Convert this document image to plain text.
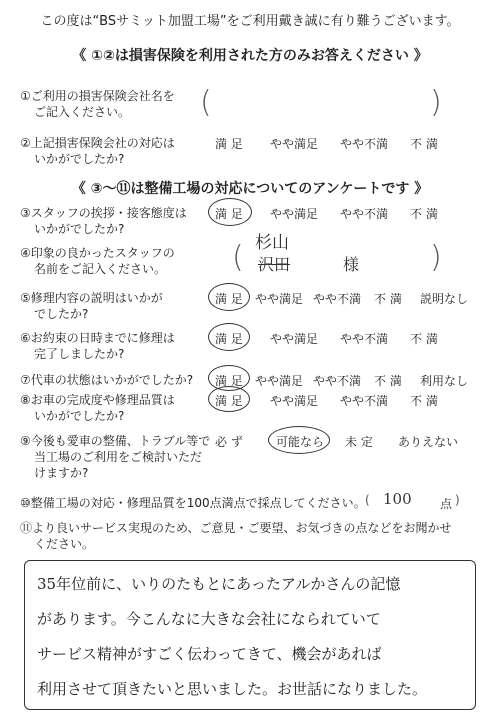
この度は“BSサミット加盟工場”をご利用戴き誠に有り難うございます。
《 ①②は損害保険を利用された方のみお答えください 》
①ご利用の損害保険会社名を
ご記入ください。	(	)
②上記損害保険会社の対応は
いかがでしたか?
満 足 やや満足 やや不満 不 満
《 ③〜⑪は整備工場の対応についてのアンケートです 》
③スタッフの挨拶・接客態度は
いかがでしたか?
満 足 やや満足 やや不満 不 満
④印象の良かったスタッフの
名前をご記入ください。
杉山
( 沢田	様 )
⑤修理内容の説明はいかが
でしたか?
満 足 やや満足 やや不満 不 満 説明なし
⑥お約束の日時までに修理は
完了しましたか?
満 足 やや満足 やや不満 不 満
⑦代車の状態はいかがでしたか? 満 足 やや満足 やや不満 不 満 利用なし
⑧お車の完成度や修理品質は
いかがでしたか?
満 足 やや満足 やや不満 不 満
⑨今後も愛車の整備、トラブル等で
当工場のご利用をご検討いただ
けますか?
必 ず	可能なら 未 定 ありえない
⑩整備工場の対応・修理品質を100点満点で採点してください。 ( 100 点 )
⑪より良いサービス実現のため、ご意見・ご要望、お気づきの点などをお聞かせ
ください。
35年位前に、いりのたもとにあったアルかさんの記憶
があります。今こんなに大きな会社になられていて
サービス精神がすごく伝わってきて、機会があれば
利用させて頂きたいと思いました。お世話になりました。
